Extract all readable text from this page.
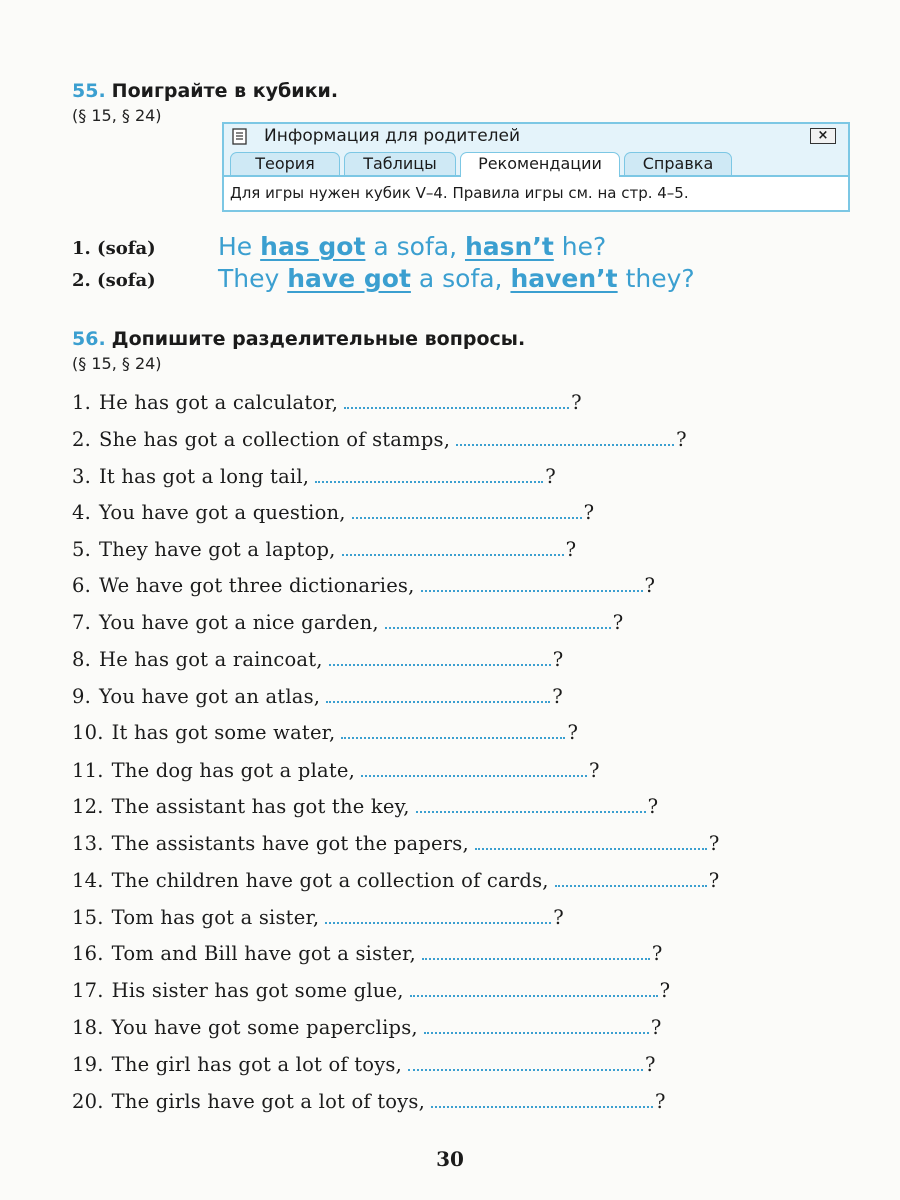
55. Поиграйте в кубики.
(§ 15, § 24)
Информация для родителей	×
Теория	Таблицы	Рекомендации	Справка
Для игры нужен кубик V–4. Правила игры см. на стр. 4–5.
1. (sofa) He has got a sofa, hasn’t he?
2. (sofa) They have got a sofa, haven’t they?
56. Допишите разделительные вопросы.
(§ 15, § 24)
1. He has got a calculator,	?
2. She has got a collection of stamps,	?
3. It has got a long tail,	?
4. You have got a question,	?
5. They have got a laptop,	?
6. We have got three dictionaries,	?
7. You have got a nice garden,	?
8. He has got a raincoat,	?
9. You have got an atlas,	?
10. It has got some water,	?
11. The dog has got a plate,	?
12. The assistant has got the key,	?
13. The assistants have got the papers,	?
14. The children have got a collection of cards,	?
15. Tom has got a sister,	?
16. Tom and Bill have got a sister,	?
17. His sister has got some glue,	?
18. You have got some paperclips,	?
19. The girl has got a lot of toys,	?
20. The girls have got a lot of toys,	?
30
